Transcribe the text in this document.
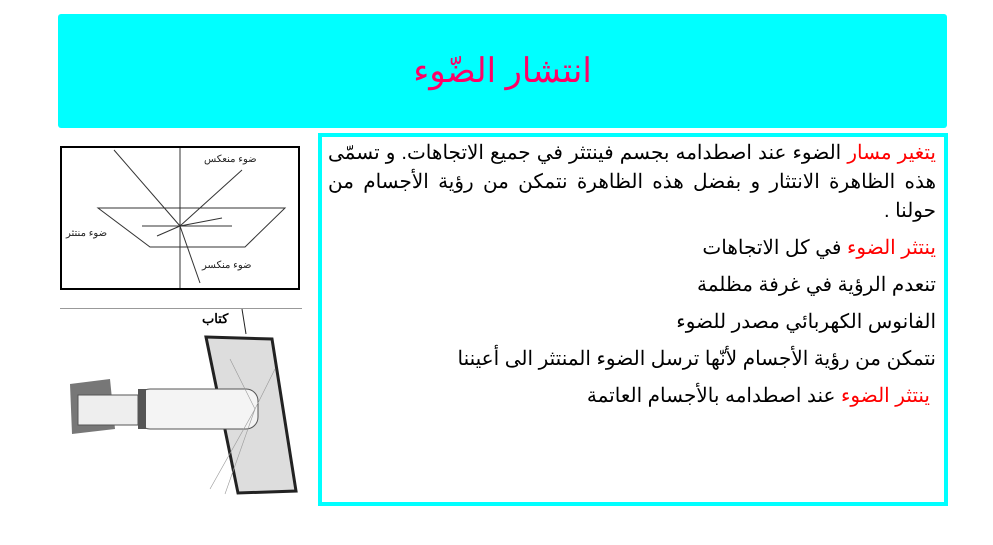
انتشار الضّوء
ضوء منعكس
ضوء منتثر
ضوء منكسر
كتاب

يتغير مسار الضوء عند اصطدامه بجسم فينتثر في جميع الاتجاهات. و تسمّى هذه الظاهرة الانتثار و بفضل هذه الظاهرة نتمكن من رؤية الأجسام من حولنا .

ينتثر الضوء في كل الاتجاهات

تنعدم الرؤية في غرفة مظلمة

الفانوس الكهربائي مصدر للضوء

نتمكن من رؤية الأجسام لأنّها ترسل الضوء المنتثر الى أعيننا

ينتثر الضوء عند اصطدامه بالأجسام العاتمة
